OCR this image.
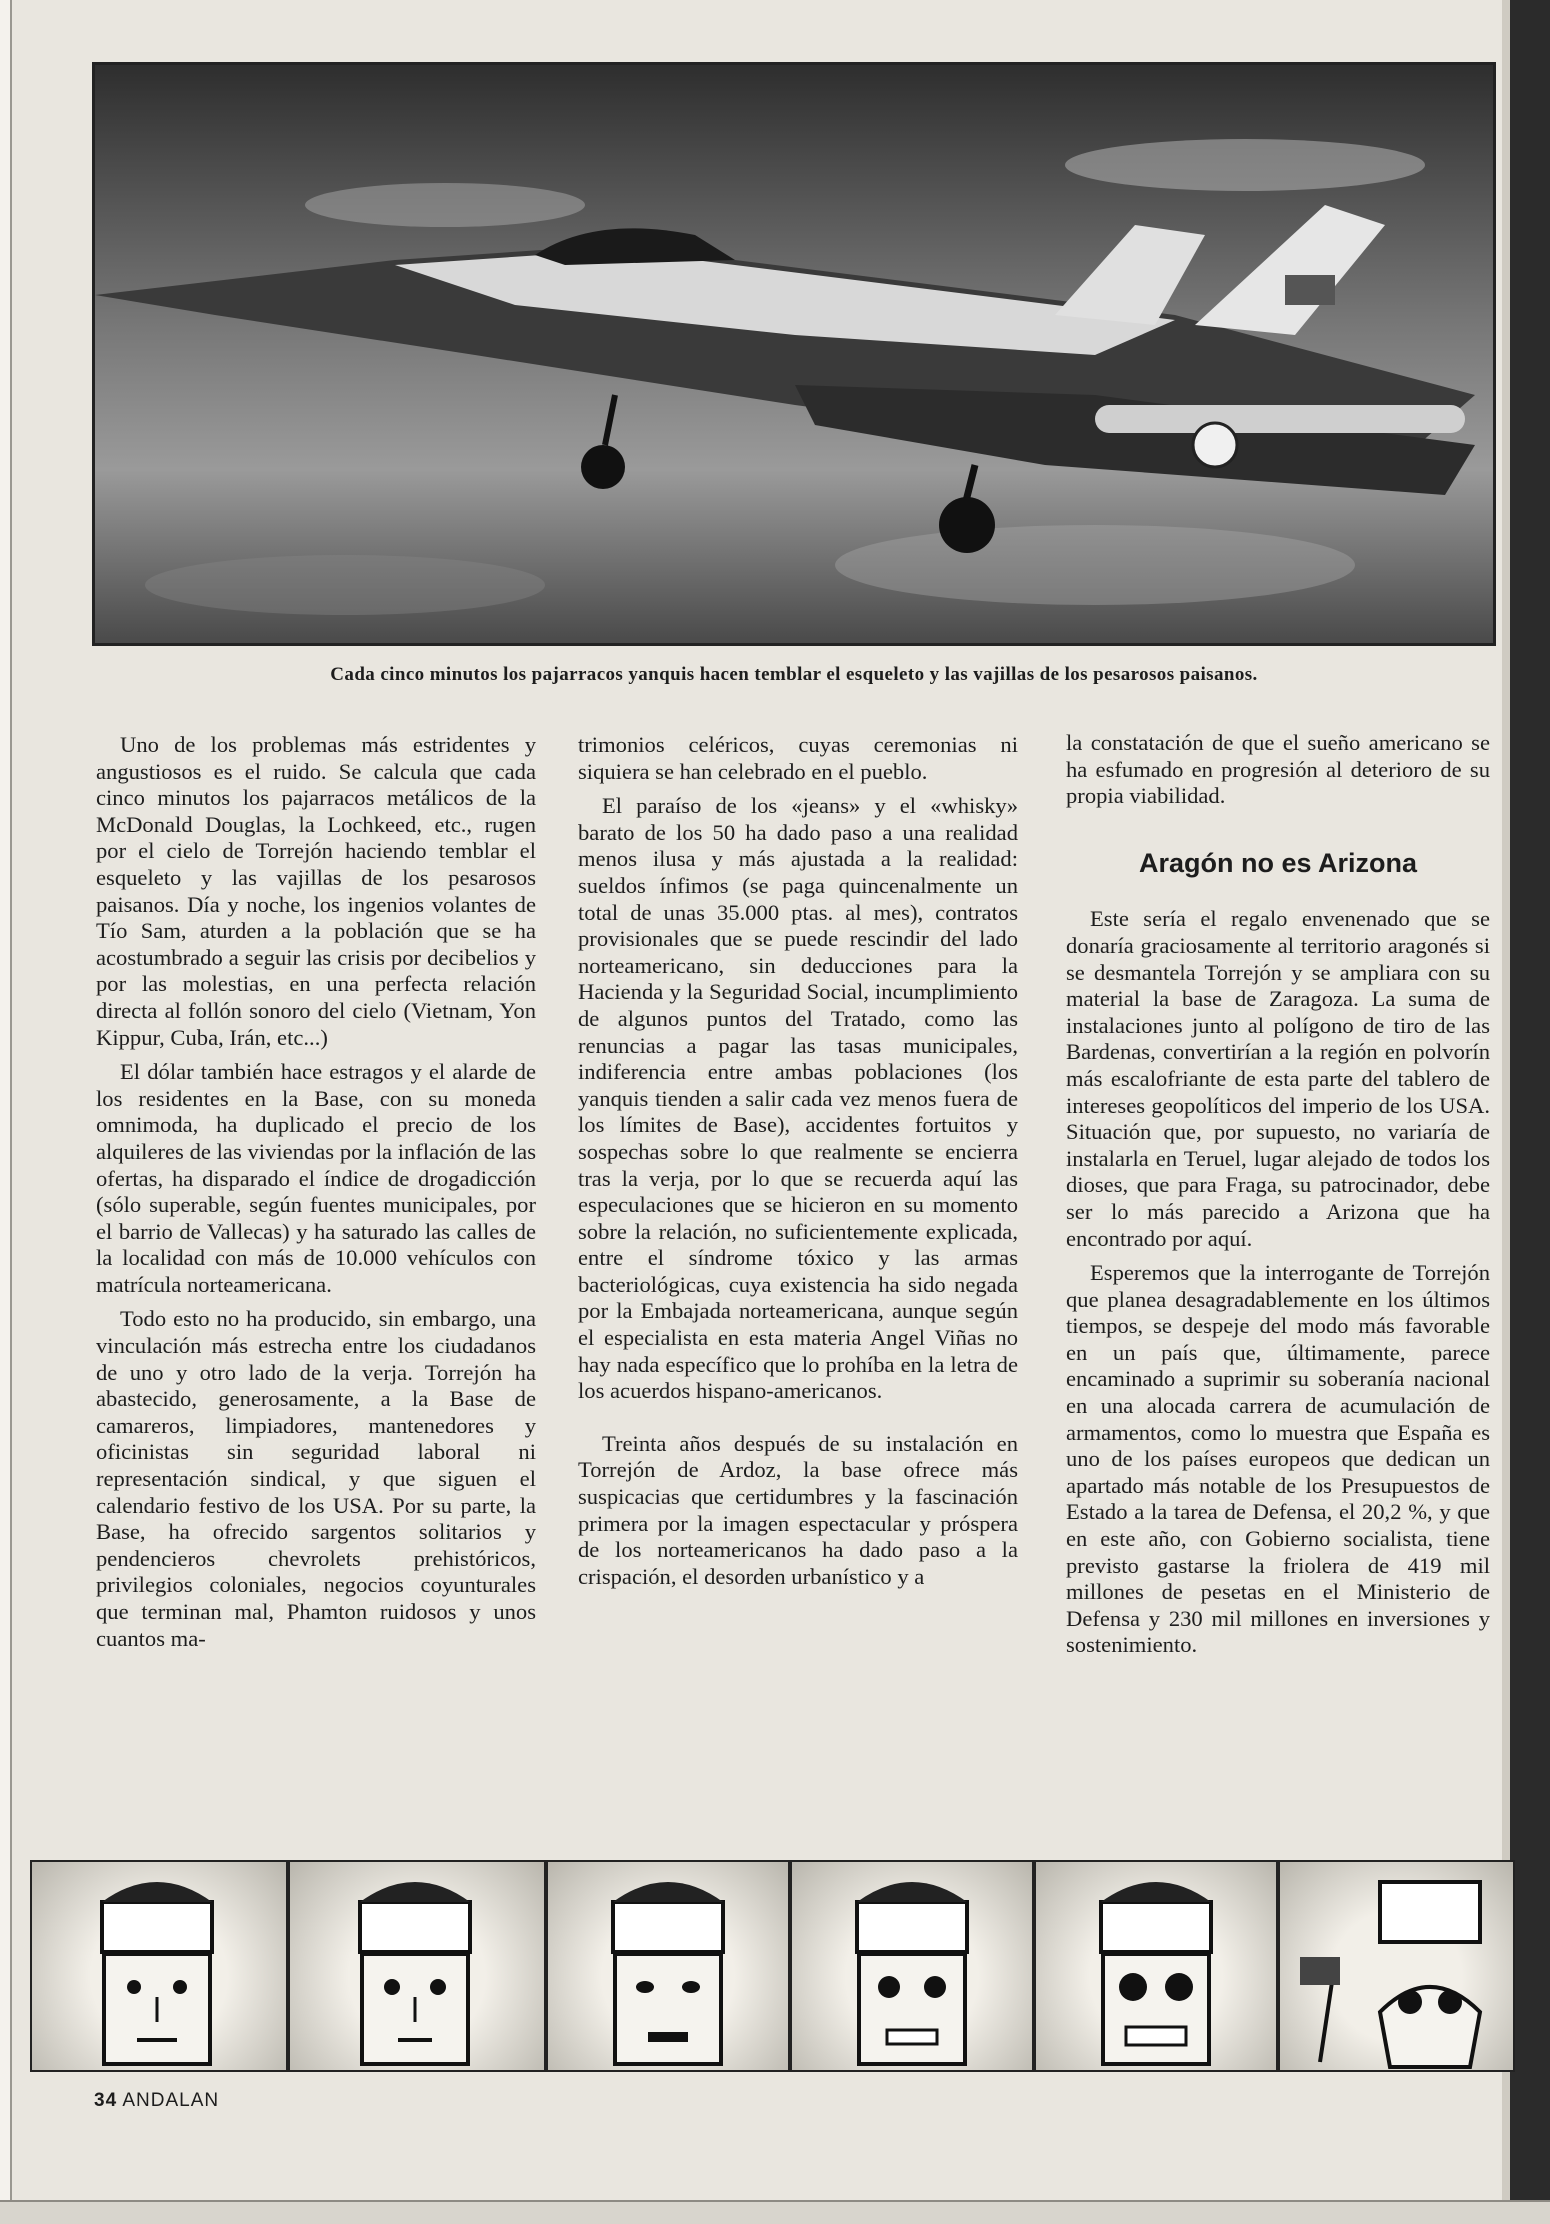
Cada cinco minutos los pajarracos yanquis hacen temblar el esqueleto y las vajillas de los pesarosos paisanos.

Uno de los problemas más estridentes y angustiosos es el ruido. Se calcula que cada cinco minutos los pajarracos metálicos de la McDonald Douglas, la Lochkeed, etc., rugen por el cielo de Torrejón haciendo temblar el esqueleto y las vajillas de los pesarosos paisanos. Día y noche, los ingenios volantes de Tío Sam, aturden a la población que se ha acostumbrado a seguir las crisis por decibelios y por las molestias, en una perfecta relación directa al follón sonoro del cielo (Vietnam, Yon Kippur, Cuba, Irán, etc...)

El dólar también hace estragos y el alarde de los residentes en la Base, con su moneda omnimoda, ha duplicado el precio de los alquileres de las viviendas por la inflación de las ofertas, ha disparado el índice de drogadicción (sólo superable, según fuentes municipales, por el barrio de Vallecas) y ha saturado las calles de la localidad con más de 10.000 vehículos con matrícula norteamericana.

Todo esto no ha producido, sin embargo, una vinculación más estrecha entre los ciudadanos de uno y otro lado de la verja. Torrejón ha abastecido, generosamente, a la Base de camareros, limpiadores, mantenedores y oficinistas sin seguridad laboral ni representación sindical, y que siguen el calendario festivo de los USA. Por su parte, la Base, ha ofrecido sargentos solitarios y pendencieros chevrolets prehistóricos, privilegios coloniales, negocios coyunturales que terminan mal, Phamton ruidosos y unos cuantos ma-

trimonios celéricos, cuyas ceremonias ni siquiera se han celebrado en el pueblo.

El paraíso de los «jeans» y el «whisky» barato de los 50 ha dado paso a una realidad menos ilusa y más ajustada a la realidad: sueldos ínfimos (se paga quincenalmente un total de unas 35.000 ptas. al mes), contratos provisionales que se puede rescindir del lado norteamericano, sin deducciones para la Hacienda y la Seguridad Social, incumplimiento de algunos puntos del Tratado, como las renuncias a pagar las tasas municipales, indiferencia entre ambas poblaciones (los yanquis tienden a salir cada vez menos fuera de los límites de Base), accidentes fortuitos y sospechas sobre lo que realmente se encierra tras la verja, por lo que se recuerda aquí las especulaciones que se hicieron en su momento sobre la relación, no suficientemente explicada, entre el síndrome tóxico y las armas bacteriológicas, cuya existencia ha sido negada por la Embajada norteamericana, aunque según el especialista en esta materia Angel Viñas no hay nada específico que lo prohíba en la letra de los acuerdos hispano-americanos.

Treinta años después de su instalación en Torrejón de Ardoz, la base ofrece más suspicacias que certidumbres y la fascinación primera por la imagen espectacular y próspera de los norteamericanos ha dado paso a la crispación, el desorden urbanístico y a

la constatación de que el sueño americano se ha esfumado en progresión al deterioro de su propia viabilidad.

Aragón no es Arizona

Este sería el regalo envenenado que se donaría graciosamente al territorio aragonés si se desmantela Torrejón y se ampliara con su material la base de Zaragoza. La suma de instalaciones junto al polígono de tiro de las Bardenas, convertirían a la región en polvorín más escalofriante de esta parte del tablero de intereses geopolíticos del imperio de los USA. Situación que, por supuesto, no variaría de instalarla en Teruel, lugar alejado de todos los dioses, que para Fraga, su patrocinador, debe ser lo más parecido a Arizona que ha encontrado por aquí.

Esperemos que la interrogante de Torrejón que planea desagradablemente en los últimos tiempos, se despeje del modo más favorable en un país que, últimamente, parece encaminado a suprimir su soberanía nacional en una alocada carrera de acumulación de armamentos, como lo muestra que España es uno de los países europeos que dedican un apartado más notable de los Presupuestos de Estado a la tarea de Defensa, el 20,2 %, y que en este año, con Gobierno socialista, tiene previsto gastarse la friolera de 419 mil millones de pesetas en el Ministerio de Defensa y 230 mil millones en inversiones y sostenimiento.

34 ANDALAN
